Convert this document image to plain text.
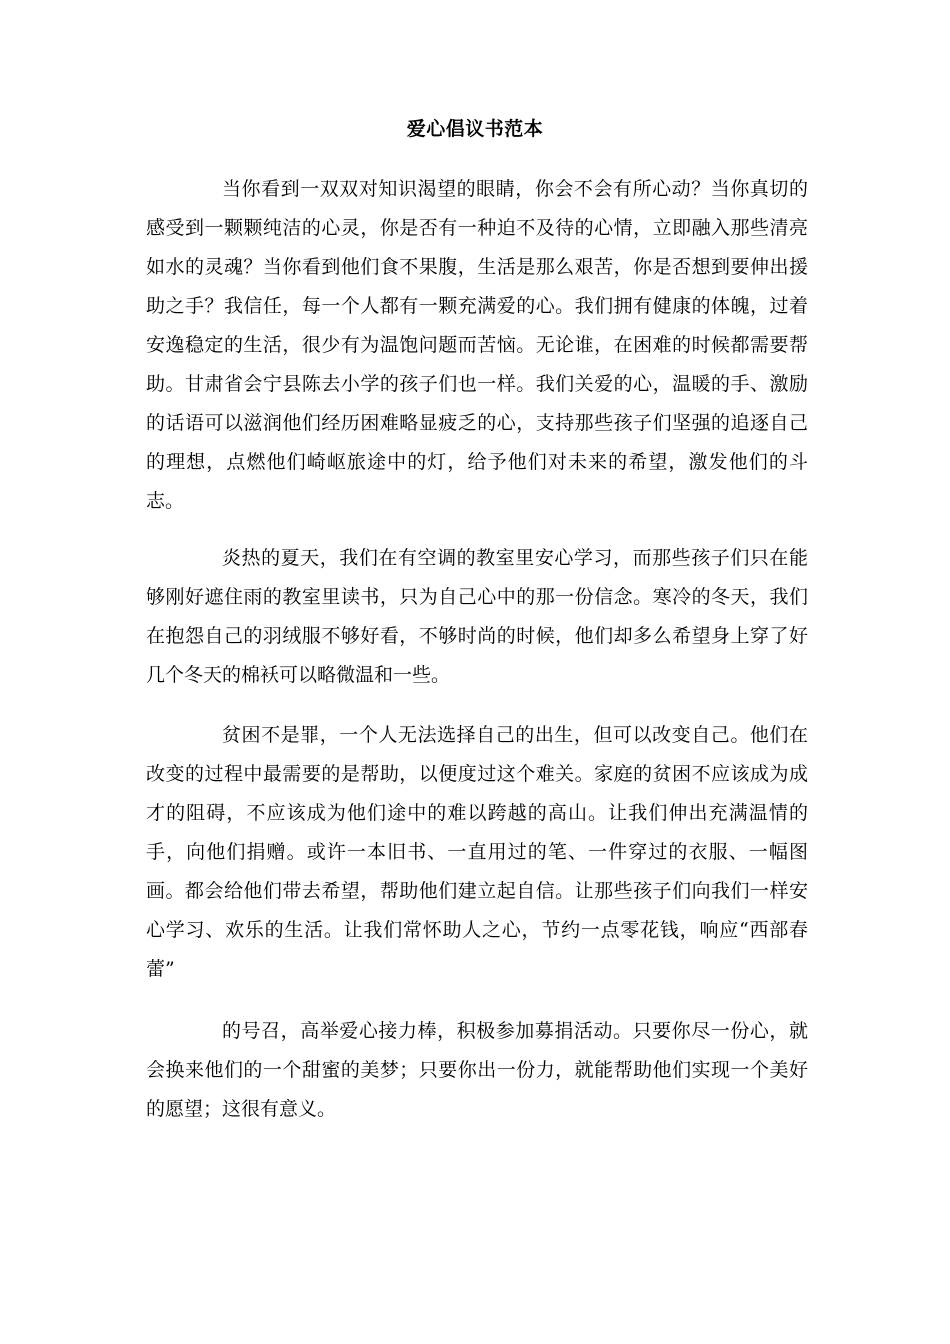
爱心倡议书范本

当你看到一双双对知识渴望的眼睛，你会不会有所心动？当你真切的感受到一颗颗纯洁的心灵，你是否有一种迫不及待的心情，立即融入那些清亮如水的灵魂？当你看到他们食不果腹，生活是那么艰苦，你是否想到要伸出援助之手？我信任，每一个人都有一颗充满爱的心。我们拥有健康的体魄，过着安逸稳定的生活，很少有为温饱问题而苦恼。无论谁，在困难的时候都需要帮助。甘肃省会宁县陈去小学的孩子们也一样。我们关爱的心，温暖的手、激励的话语可以滋润他们经历困难略显疲乏的心，支持那些孩子们坚强的追逐自己的理想，点燃他们崎岖旅途中的灯，给予他们对未来的希望，激发他们的斗志。

炎热的夏天，我们在有空调的教室里安心学习，而那些孩子们只在能够刚好遮住雨的教室里读书，只为自己心中的那一份信念。寒冷的冬天，我们在抱怨自己的羽绒服不够好看，不够时尚的时候，他们却多么希望身上穿了好几个冬天的棉袄可以略微温和一些。

贫困不是罪，一个人无法选择自己的出生，但可以改变自己。他们在改变的过程中最需要的是帮助，以便度过这个难关。家庭的贫困不应该成为成才的阻碍，不应该成为他们途中的难以跨越的高山。让我们伸出充满温情的手，向他们捐赠。或许一本旧书、一直用过的笔、一件穿过的衣服、一幅图画。都会给他们带去希望，帮助他们建立起自信。让那些孩子们向我们一样安心学习、欢乐的生活。让我们常怀助人之心，节约一点零花钱，响应“西部春蕾”

的号召，高举爱心接力棒，积极参加募捐活动。只要你尽一份心，就会换来他们的一个甜蜜的美梦；只要你出一份力，就能帮助他们实现一个美好的愿望；这很有意义。
